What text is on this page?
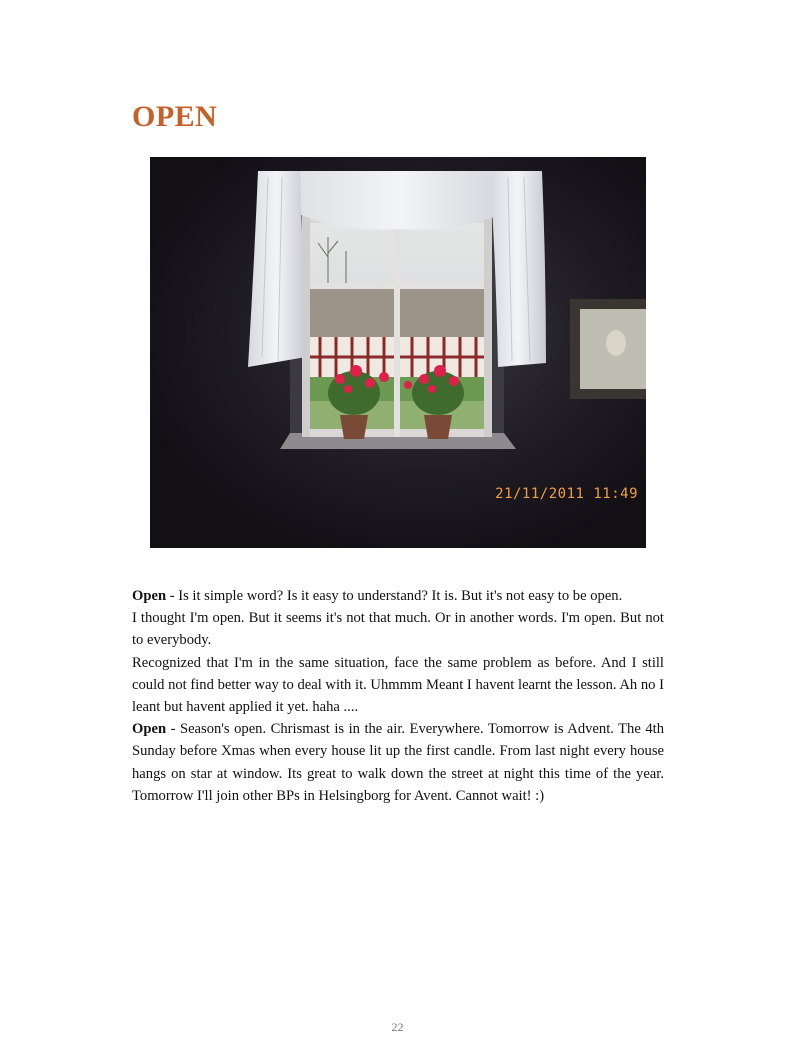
OPEN
21/11/2011 11:49

Open - Is it simple word? Is it easy to understand? It is. But it's not easy to be open.

I thought I'm open. But it seems it's not that much. Or in another words. I'm open. But not to everybody.

Recognized that I'm in the same situation, face the same problem as before. And I still could not find better way to deal with it. Uhmmm Meant I havent learnt the lesson. Ah no I leant but havent applied it yet. haha ....

Open - Season's open. Chrismast is in the air. Everywhere. Tomorrow is Advent. The 4th Sunday before Xmas when every house lit up the first candle. From last night every house hangs on star at window. Its great to walk down the street at night this time of the year. Tomorrow I'll join other BPs in Helsingborg for Avent. Cannot wait! :)

22
